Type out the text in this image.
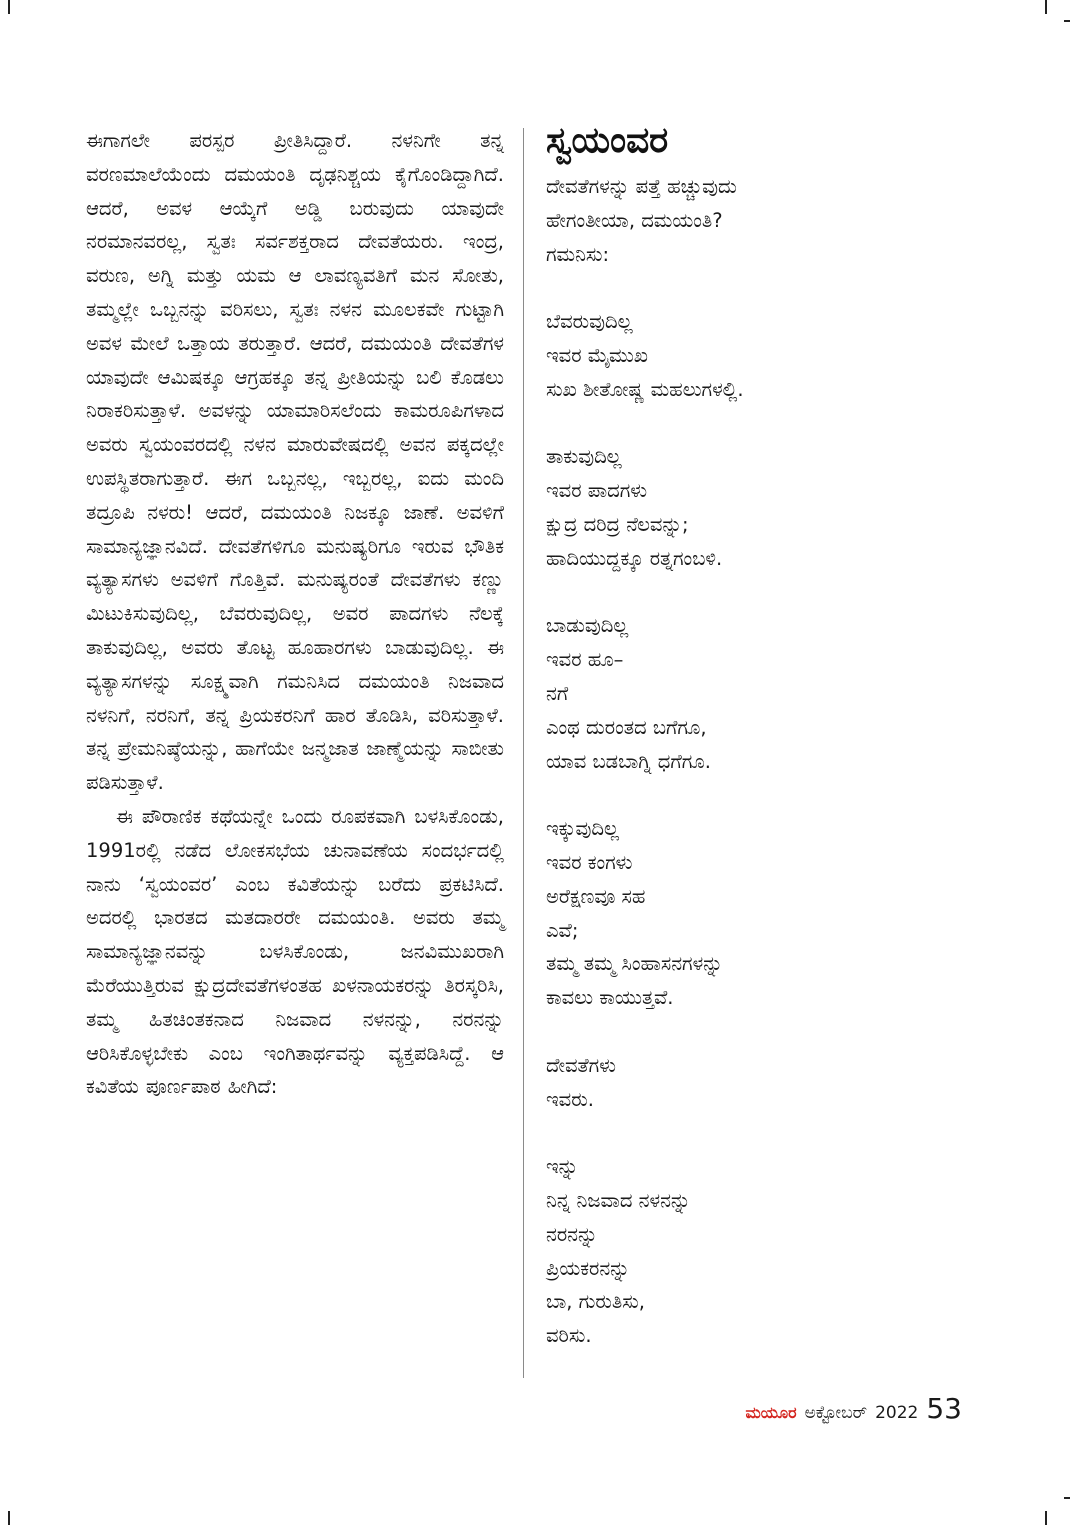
ಈಗಾಗಲೇ ಪರಸ್ಪರ ಪ್ರೀತಿಸಿದ್ದಾರೆ. ನಳನಿಗೇ ತನ್ನ ವರಣಮಾಲೆಯೆಂದು ದಮಯಂತಿ ದೃಢನಿಶ್ಚಯ ಕೈಗೊಂಡಿದ್ದಾಗಿದೆ. ಆದರೆ, ಅವಳ ಆಯ್ಕೆಗೆ ಅಡ್ಡಿ ಬರುವುದು ಯಾವುದೇ ನರಮಾನವರಲ್ಲ, ಸ್ವತಃ ಸರ್ವಶಕ್ತರಾದ ದೇವತೆಯರು. ಇಂದ್ರ, ವರುಣ, ಅಗ್ನಿ ಮತ್ತು ಯಮ ಆ ಲಾವಣ್ಯವತಿಗೆ ಮನ ಸೋತು, ತಮ್ಮಲ್ಲೇ ಒಬ್ಬನನ್ನು ವರಿಸಲು, ಸ್ವತಃ ನಳನ ಮೂಲಕವೇ ಗುಟ್ಟಾಗಿ ಅವಳ ಮೇಲೆ ಒತ್ತಾಯ ತರುತ್ತಾರೆ. ಆದರೆ, ದಮಯಂತಿ ದೇವತೆಗಳ ಯಾವುದೇ ಆಮಿಷಕ್ಕೂ ಆಗ್ರಹಕ್ಕೂ ತನ್ನ ಪ್ರೀತಿಯನ್ನು ಬಲಿ ಕೊಡಲು ನಿರಾಕರಿಸುತ್ತಾಳೆ. ಅವಳನ್ನು ಯಾಮಾರಿಸಲೆಂದು ಕಾಮರೂಪಿಗಳಾದ ಅವರು ಸ್ವಯಂವರದಲ್ಲಿ ನಳನ ಮಾರುವೇಷದಲ್ಲಿ ಅವನ ಪಕ್ಕದಲ್ಲೇ ಉಪಸ್ಥಿತರಾಗುತ್ತಾರೆ. ಈಗ ಒಬ್ಬನಲ್ಲ, ಇಬ್ಬರಲ್ಲ, ಐದು ಮಂದಿ ತದ್ರೂಪಿ ನಳರು! ಆದರೆ, ದಮಯಂತಿ ನಿಜಕ್ಕೂ ಜಾಣೆ. ಅವಳಿಗೆ ಸಾಮಾನ್ಯಜ್ಞಾನವಿದೆ. ದೇವತೆಗಳಿಗೂ ಮನುಷ್ಯರಿಗೂ ಇರುವ ಭೌತಿಕ ವ್ಯತ್ಯಾಸಗಳು ಅವಳಿಗೆ ಗೊತ್ತಿವೆ. ಮನುಷ್ಯರಂತೆ ದೇವತೆಗಳು ಕಣ್ಣು ಮಿಟುಕಿಸುವುದಿಲ್ಲ, ಬೆವರುವುದಿಲ್ಲ, ಅವರ ಪಾದಗಳು ನೆಲಕ್ಕೆ ತಾಕುವುದಿಲ್ಲ, ಅವರು ತೊಟ್ಟ ಹೂಹಾರಗಳು ಬಾಡುವುದಿಲ್ಲ. ಈ ವ್ಯತ್ಯಾಸಗಳನ್ನು ಸೂಕ್ಷ್ಮವಾಗಿ ಗಮನಿಸಿದ ದಮಯಂತಿ ನಿಜವಾದ ನಳನಿಗೆ, ನರನಿಗೆ, ತನ್ನ ಪ್ರಿಯಕರನಿಗೆ ಹಾರ ತೊಡಿಸಿ, ವರಿಸುತ್ತಾಳೆ. ತನ್ನ ಪ್ರೇಮನಿಷ್ಠೆಯನ್ನು, ಹಾಗೆಯೇ ಜನ್ಮಜಾತ ಜಾಣ್ಮೆಯನ್ನು ಸಾಬೀತು ಪಡಿಸುತ್ತಾಳೆ.

ಈ ಪೌರಾಣಿಕ ಕಥೆಯನ್ನೇ ಒಂದು ರೂಪಕವಾಗಿ ಬಳಸಿಕೊಂಡು, 1991ರಲ್ಲಿ ನಡೆದ ಲೋಕಸಭೆಯ ಚುನಾವಣೆಯ ಸಂದರ್ಭದಲ್ಲಿ ನಾನು ‘ಸ್ವಯಂವರ’ ಎಂಬ ಕವಿತೆಯನ್ನು ಬರೆದು ಪ್ರಕಟಿಸಿದೆ. ಅದರಲ್ಲಿ ಭಾರತದ ಮತದಾರರೇ ದಮಯಂತಿ. ಅವರು ತಮ್ಮ ಸಾಮಾನ್ಯಜ್ಞಾನವನ್ನು ಬಳಸಿಕೊಂಡು, ಜನವಿಮುಖರಾಗಿ ಮೆರೆಯುತ್ತಿರುವ ಕ್ಷುದ್ರದೇವತೆಗಳಂತಹ ಖಳನಾಯಕರನ್ನು ತಿರಸ್ಕರಿಸಿ, ತಮ್ಮ ಹಿತಚಿಂತಕನಾದ ನಿಜವಾದ ನಳನನ್ನು, ನರನನ್ನು ಆರಿಸಿಕೊಳ್ಳಬೇಕು ಎಂಬ ಇಂಗಿತಾರ್ಥವನ್ನು ವ್ಯಕ್ತಪಡಿಸಿದ್ದೆ. ಆ ಕವಿತೆಯ ಪೂರ್ಣಪಾಠ ಹೀಗಿದೆ:

ಸ್ವಯಂವರ
ದೇವತೆಗಳನ್ನು ಪತ್ತೆ ಹಚ್ಚುವುದು
ಹೇಗಂತೀಯಾ, ದಮಯಂತಿ?
ಗಮನಿಸು:
ಬೆವರುವುದಿಲ್ಲ
ಇವರ ಮೈಮುಖ
ಸುಖ ಶೀತೋಷ್ಣ ಮಹಲುಗಳಲ್ಲಿ.
ತಾಕುವುದಿಲ್ಲ
ಇವರ ಪಾದಗಳು
ಕ್ಷುದ್ರ ದರಿದ್ರ ನೆಲವನ್ನು;
ಹಾದಿಯುದ್ದಕ್ಕೂ ರತ್ನಗಂಬಳಿ.
ಬಾಡುವುದಿಲ್ಲ
ಇವರ ಹೂ–
ನಗೆ
ಎಂಥ ದುರಂತದ ಬಗೆಗೂ,
ಯಾವ ಬಡಬಾಗ್ನಿ ಧಗೆಗೂ.
ಇಕ್ಕುವುದಿಲ್ಲ
ಇವರ ಕಂಗಳು
ಅರೆಕ್ಷಣವೂ ಸಹ
ಎವೆ;
ತಮ್ಮ ತಮ್ಮ ಸಿಂಹಾಸನಗಳನ್ನು
ಕಾವಲು ಕಾಯುತ್ತವೆ.
ದೇವತೆಗಳು
ಇವರು.
ಇನ್ನು
ನಿನ್ನ ನಿಜವಾದ ನಳನನ್ನು
ನರನನ್ನು
ಪ್ರಿಯಕರನನ್ನು
ಬಾ, ಗುರುತಿಸು,
ವರಿಸು.
ಮಯೂರ ಅಕ್ಟೋಬರ್ 2022 53
